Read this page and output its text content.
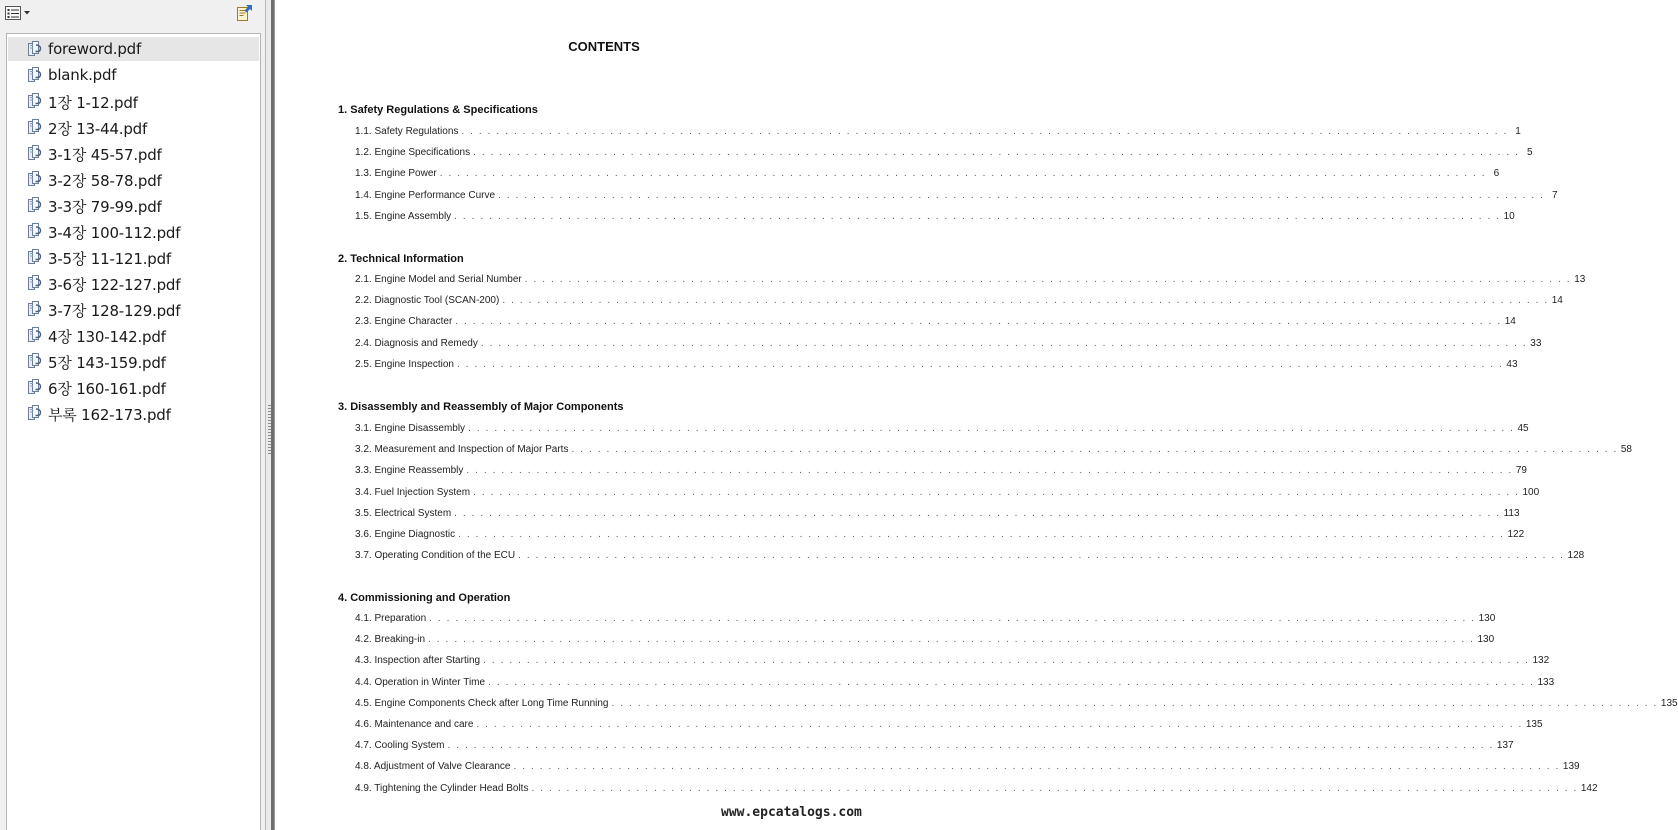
foreword.pdf
blank.pdf
1장 1-12.pdf
2장 13-44.pdf
3-1장 45-57.pdf
3-2장 58-78.pdf
3-3장 79-99.pdf
3-4장 100-112.pdf
3-5장 11-121.pdf
3-6장 122-127.pdf
3-7장 128-129.pdf
4장 130-142.pdf
5장 143-159.pdf
6장 160-161.pdf
부록 162-173.pdf
CONTENTS
1. Safety Regulations & Specifications
1.1. Safety Regulations . . . . . . . . . . . . . . . . . . . . . . . . . . . . . . . . . . . . . . . . . . . . . . . . . . . . . . . . . . . . . . . . . . . . . . . . . . . . . . . . . . . . . . . . . . . . . . . . . . . . . . . . . . . . . . . . . . . . . . . . 1
1.2. Engine Specifications . . . . . . . . . . . . . . . . . . . . . . . . . . . . . . . . . . . . . . . . . . . . . . . . . . . . . . . . . . . . . . . . . . . . . . . . . . . . . . . . . . . . . . . . . . . . . . . . . . . . . . . . . . . . . . . . . . . . . . . . 5
1.3. Engine Power . . . . . . . . . . . . . . . . . . . . . . . . . . . . . . . . . . . . . . . . . . . . . . . . . . . . . . . . . . . . . . . . . . . . . . . . . . . . . . . . . . . . . . . . . . . . . . . . . . . . . . . . . . . . . . . . . . . . . . . . 6
1.4. Engine Performance Curve . . . . . . . . . . . . . . . . . . . . . . . . . . . . . . . . . . . . . . . . . . . . . . . . . . . . . . . . . . . . . . . . . . . . . . . . . . . . . . . . . . . . . . . . . . . . . . . . . . . . . . . . . . . . . . . . . . . . . . . . 7
1.5. Engine Assembly . . . . . . . . . . . . . . . . . . . . . . . . . . . . . . . . . . . . . . . . . . . . . . . . . . . . . . . . . . . . . . . . . . . . . . . . . . . . . . . . . . . . . . . . . . . . . . . . . . . . . . . . . . . . . . . . . . . . . . . . 10
2. Technical Information
2.1. Engine Model and Serial Number . . . . . . . . . . . . . . . . . . . . . . . . . . . . . . . . . . . . . . . . . . . . . . . . . . . . . . . . . . . . . . . . . . . . . . . . . . . . . . . . . . . . . . . . . . . . . . . . . . . . . . . . . . . . . . . . . . . . . . . . 13
2.2. Diagnostic Tool (SCAN-200) . . . . . . . . . . . . . . . . . . . . . . . . . . . . . . . . . . . . . . . . . . . . . . . . . . . . . . . . . . . . . . . . . . . . . . . . . . . . . . . . . . . . . . . . . . . . . . . . . . . . . . . . . . . . . . . . . . . . . . . . 14
2.3. Engine Character . . . . . . . . . . . . . . . . . . . . . . . . . . . . . . . . . . . . . . . . . . . . . . . . . . . . . . . . . . . . . . . . . . . . . . . . . . . . . . . . . . . . . . . . . . . . . . . . . . . . . . . . . . . . . . . . . . . . . . . . 14
2.4. Diagnosis and Remedy . . . . . . . . . . . . . . . . . . . . . . . . . . . . . . . . . . . . . . . . . . . . . . . . . . . . . . . . . . . . . . . . . . . . . . . . . . . . . . . . . . . . . . . . . . . . . . . . . . . . . . . . . . . . . . . . . . . . . . . . 33
2.5. Engine Inspection . . . . . . . . . . . . . . . . . . . . . . . . . . . . . . . . . . . . . . . . . . . . . . . . . . . . . . . . . . . . . . . . . . . . . . . . . . . . . . . . . . . . . . . . . . . . . . . . . . . . . . . . . . . . . . . . . . . . . . . . 43
3. Disassembly and Reassembly of Major Components
3.1. Engine Disassembly . . . . . . . . . . . . . . . . . . . . . . . . . . . . . . . . . . . . . . . . . . . . . . . . . . . . . . . . . . . . . . . . . . . . . . . . . . . . . . . . . . . . . . . . . . . . . . . . . . . . . . . . . . . . . . . . . . . . . . . . 45
3.2. Measurement and Inspection of Major Parts . . . . . . . . . . . . . . . . . . . . . . . . . . . . . . . . . . . . . . . . . . . . . . . . . . . . . . . . . . . . . . . . . . . . . . . . . . . . . . . . . . . . . . . . . . . . . . . . . . . . . . . . . . . . . . . . . . . . . . . . 58
3.3. Engine Reassembly . . . . . . . . . . . . . . . . . . . . . . . . . . . . . . . . . . . . . . . . . . . . . . . . . . . . . . . . . . . . . . . . . . . . . . . . . . . . . . . . . . . . . . . . . . . . . . . . . . . . . . . . . . . . . . . . . . . . . . . . 79
3.4. Fuel Injection System . . . . . . . . . . . . . . . . . . . . . . . . . . . . . . . . . . . . . . . . . . . . . . . . . . . . . . . . . . . . . . . . . . . . . . . . . . . . . . . . . . . . . . . . . . . . . . . . . . . . . . . . . . . . . . . . . . . . . . . . 100
3.5. Electrical System . . . . . . . . . . . . . . . . . . . . . . . . . . . . . . . . . . . . . . . . . . . . . . . . . . . . . . . . . . . . . . . . . . . . . . . . . . . . . . . . . . . . . . . . . . . . . . . . . . . . . . . . . . . . . . . . . . . . . . . . 113
3.6. Engine Diagnostic . . . . . . . . . . . . . . . . . . . . . . . . . . . . . . . . . . . . . . . . . . . . . . . . . . . . . . . . . . . . . . . . . . . . . . . . . . . . . . . . . . . . . . . . . . . . . . . . . . . . . . . . . . . . . . . . . . . . . . . . 122
3.7. Operating Condition of the ECU . . . . . . . . . . . . . . . . . . . . . . . . . . . . . . . . . . . . . . . . . . . . . . . . . . . . . . . . . . . . . . . . . . . . . . . . . . . . . . . . . . . . . . . . . . . . . . . . . . . . . . . . . . . . . . . . . . . . . . . . 128
4. Commissioning and Operation
4.1. Preparation . . . . . . . . . . . . . . . . . . . . . . . . . . . . . . . . . . . . . . . . . . . . . . . . . . . . . . . . . . . . . . . . . . . . . . . . . . . . . . . . . . . . . . . . . . . . . . . . . . . . . . . . . . . . . . . . . . . . . . . . 130
4.2. Breaking-in . . . . . . . . . . . . . . . . . . . . . . . . . . . . . . . . . . . . . . . . . . . . . . . . . . . . . . . . . . . . . . . . . . . . . . . . . . . . . . . . . . . . . . . . . . . . . . . . . . . . . . . . . . . . . . . . . . . . . . . . 130
4.3. Inspection after Starting . . . . . . . . . . . . . . . . . . . . . . . . . . . . . . . . . . . . . . . . . . . . . . . . . . . . . . . . . . . . . . . . . . . . . . . . . . . . . . . . . . . . . . . . . . . . . . . . . . . . . . . . . . . . . . . . . . . . . . . . 132
4.4. Operation in Winter Time . . . . . . . . . . . . . . . . . . . . . . . . . . . . . . . . . . . . . . . . . . . . . . . . . . . . . . . . . . . . . . . . . . . . . . . . . . . . . . . . . . . . . . . . . . . . . . . . . . . . . . . . . . . . . . . . . . . . . . . . 133
4.5. Engine Components Check after Long Time Running . . . . . . . . . . . . . . . . . . . . . . . . . . . . . . . . . . . . . . . . . . . . . . . . . . . . . . . . . . . . . . . . . . . . . . . . . . . . . . . . . . . . . . . . . . . . . . . . . . . . . . . . . . . . . . . . . . . . . . . . 135
4.6. Maintenance and care . . . . . . . . . . . . . . . . . . . . . . . . . . . . . . . . . . . . . . . . . . . . . . . . . . . . . . . . . . . . . . . . . . . . . . . . . . . . . . . . . . . . . . . . . . . . . . . . . . . . . . . . . . . . . . . . . . . . . . . . 135
4.7. Cooling System . . . . . . . . . . . . . . . . . . . . . . . . . . . . . . . . . . . . . . . . . . . . . . . . . . . . . . . . . . . . . . . . . . . . . . . . . . . . . . . . . . . . . . . . . . . . . . . . . . . . . . . . . . . . . . . . . . . . . . . . 137
4.8. Adjustment of Valve Clearance . . . . . . . . . . . . . . . . . . . . . . . . . . . . . . . . . . . . . . . . . . . . . . . . . . . . . . . . . . . . . . . . . . . . . . . . . . . . . . . . . . . . . . . . . . . . . . . . . . . . . . . . . . . . . . . . . . . . . . . . 139
4.9. Tightening the Cylinder Head Bolts . . . . . . . . . . . . . . . . . . . . . . . . . . . . . . . . . . . . . . . . . . . . . . . . . . . . . . . . . . . . . . . . . . . . . . . . . . . . . . . . . . . . . . . . . . . . . . . . . . . . . . . . . . . . . . . . . . . . . . . . 142
www.epcatalogs.com
